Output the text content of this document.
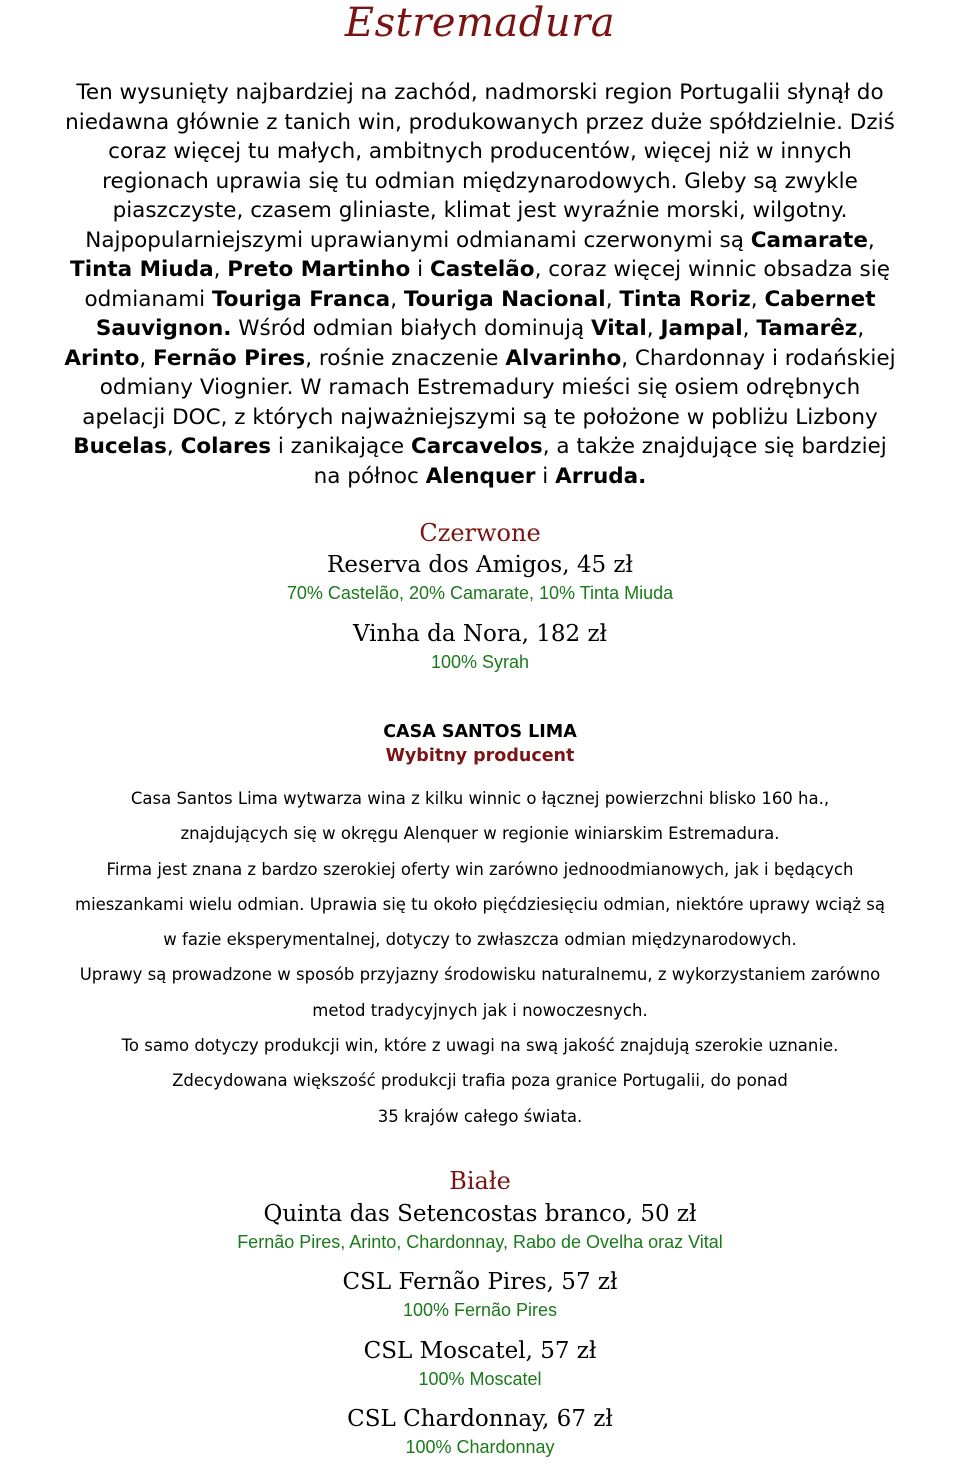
Estremadura
Ten wysunięty najbardziej na zachód, nadmorski region Portugalii słynął do
niedawna głównie z tanich win, produkowanych przez duże spółdzielnie. Dziś
coraz więcej tu małych, ambitnych producentów, więcej niż w innych
regionach uprawia się tu odmian międzynarodowych. Gleby są zwykle
piaszczyste, czasem gliniaste, klimat jest wyraźnie morski, wilgotny.
Najpopularniejszymi uprawianymi odmianami czerwonymi są Camarate,
Tinta Miuda, Preto Martinho i Castelão, coraz więcej winnic obsadza się
odmianami Touriga Franca, Touriga Nacional, Tinta Roriz, Cabernet
Sauvignon. Wśród odmian białych dominują Vital, Jampal, Tamarêz,
Arinto, Fernão Pires, rośnie znaczenie Alvarinho, Chardonnay i rodańskiej
odmiany Viognier. W ramach Estremadury mieści się osiem odrębnych
apelacji DOC, z których najważniejszymi są te położone w pobliżu Lizbony
Bucelas, Colares i zanikające Carcavelos, a także znajdujące się bardziej
na północ Alenquer i Arruda.
Czerwone
Reserva dos Amigos, 45 zł
70% Castelão, 20% Camarate, 10% Tinta Miuda
Vinha da Nora, 182 zł
100% Syrah
CASA SANTOS LIMA
Wybitny producent
Casa Santos Lima wytwarza wina z kilku winnic o łącznej powierzchni blisko 160 ha.,
znajdujących się w okręgu Alenquer w regionie winiarskim Estremadura.
Firma jest znana z bardzo szerokiej oferty win zarówno jednoodmianowych, jak i będących
mieszankami wielu odmian. Uprawia się tu około pięćdziesięciu odmian, niektóre uprawy wciąż są
w fazie eksperymentalnej, dotyczy to zwłaszcza odmian międzynarodowych.
Uprawy są prowadzone w sposób przyjazny środowisku naturalnemu, z wykorzystaniem zarówno
metod tradycyjnych jak i nowoczesnych.
To samo dotyczy produkcji win, które z uwagi na swą jakość znajdują szerokie uznanie.
Zdecydowana większość produkcji trafia poza granice Portugalii, do ponad
35 krajów całego świata.
Białe
Quinta das Setencostas branco, 50 zł
Fernão Pires, Arinto, Chardonnay, Rabo de Ovelha oraz Vital
CSL Fernão Pires, 57 zł
100% Fernão Pires
CSL Moscatel, 57 zł
100% Moscatel
CSL Chardonnay, 67 zł
100% Chardonnay
